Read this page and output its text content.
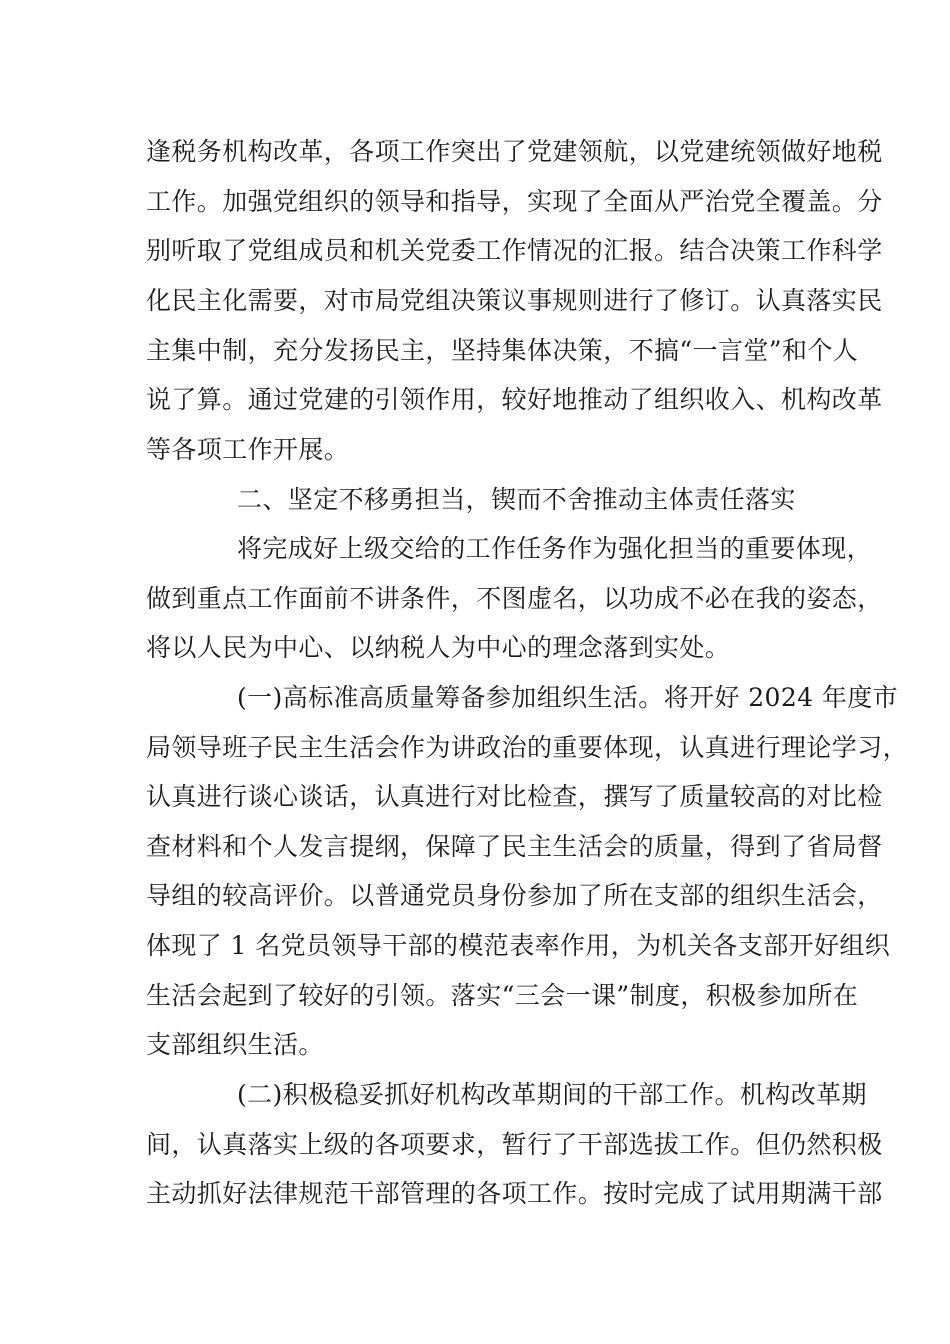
逢税务机构改革，各项工作突出了党建领航，以党建统领做好地税
工作。加强党组织的领导和指导，实现了全面从严治党全覆盖。分
别听取了党组成员和机关党委工作情况的汇报。结合决策工作科学
化民主化需要，对市局党组决策议事规则进行了修订。认真落实民
主集中制，充分发扬民主，坚持集体决策，不搞“一言堂”和个人
说了算。通过党建的引领作用，较好地推动了组织收入、机构改革
等各项工作开展。
二、坚定不移勇担当，锲而不舍推动主体责任落实
将完成好上级交给的工作任务作为强化担当的重要体现，
做到重点工作面前不讲条件，不图虚名，以功成不必在我的姿态，
将以人民为中心、以纳税人为中心的理念落到实处。
(一)高标准高质量筹备参加组织生活。将开好 2024 年度市
局领导班子民主生活会作为讲政治的重要体现，认真进行理论学习，
认真进行谈心谈话，认真进行对比检查，撰写了质量较高的对比检
查材料和个人发言提纲，保障了民主生活会的质量，得到了省局督
导组的较高评价。以普通党员身份参加了所在支部的组织生活会，
体现了 1 名党员领导干部的模范表率作用，为机关各支部开好组织
生活会起到了较好的引领。落实“三会一课”制度，积极参加所在
支部组织生活。
(二)积极稳妥抓好机构改革期间的干部工作。机构改革期
间，认真落实上级的各项要求，暂行了干部选拔工作。但仍然积极
主动抓好法律规范干部管理的各项工作。按时完成了试用期满干部
